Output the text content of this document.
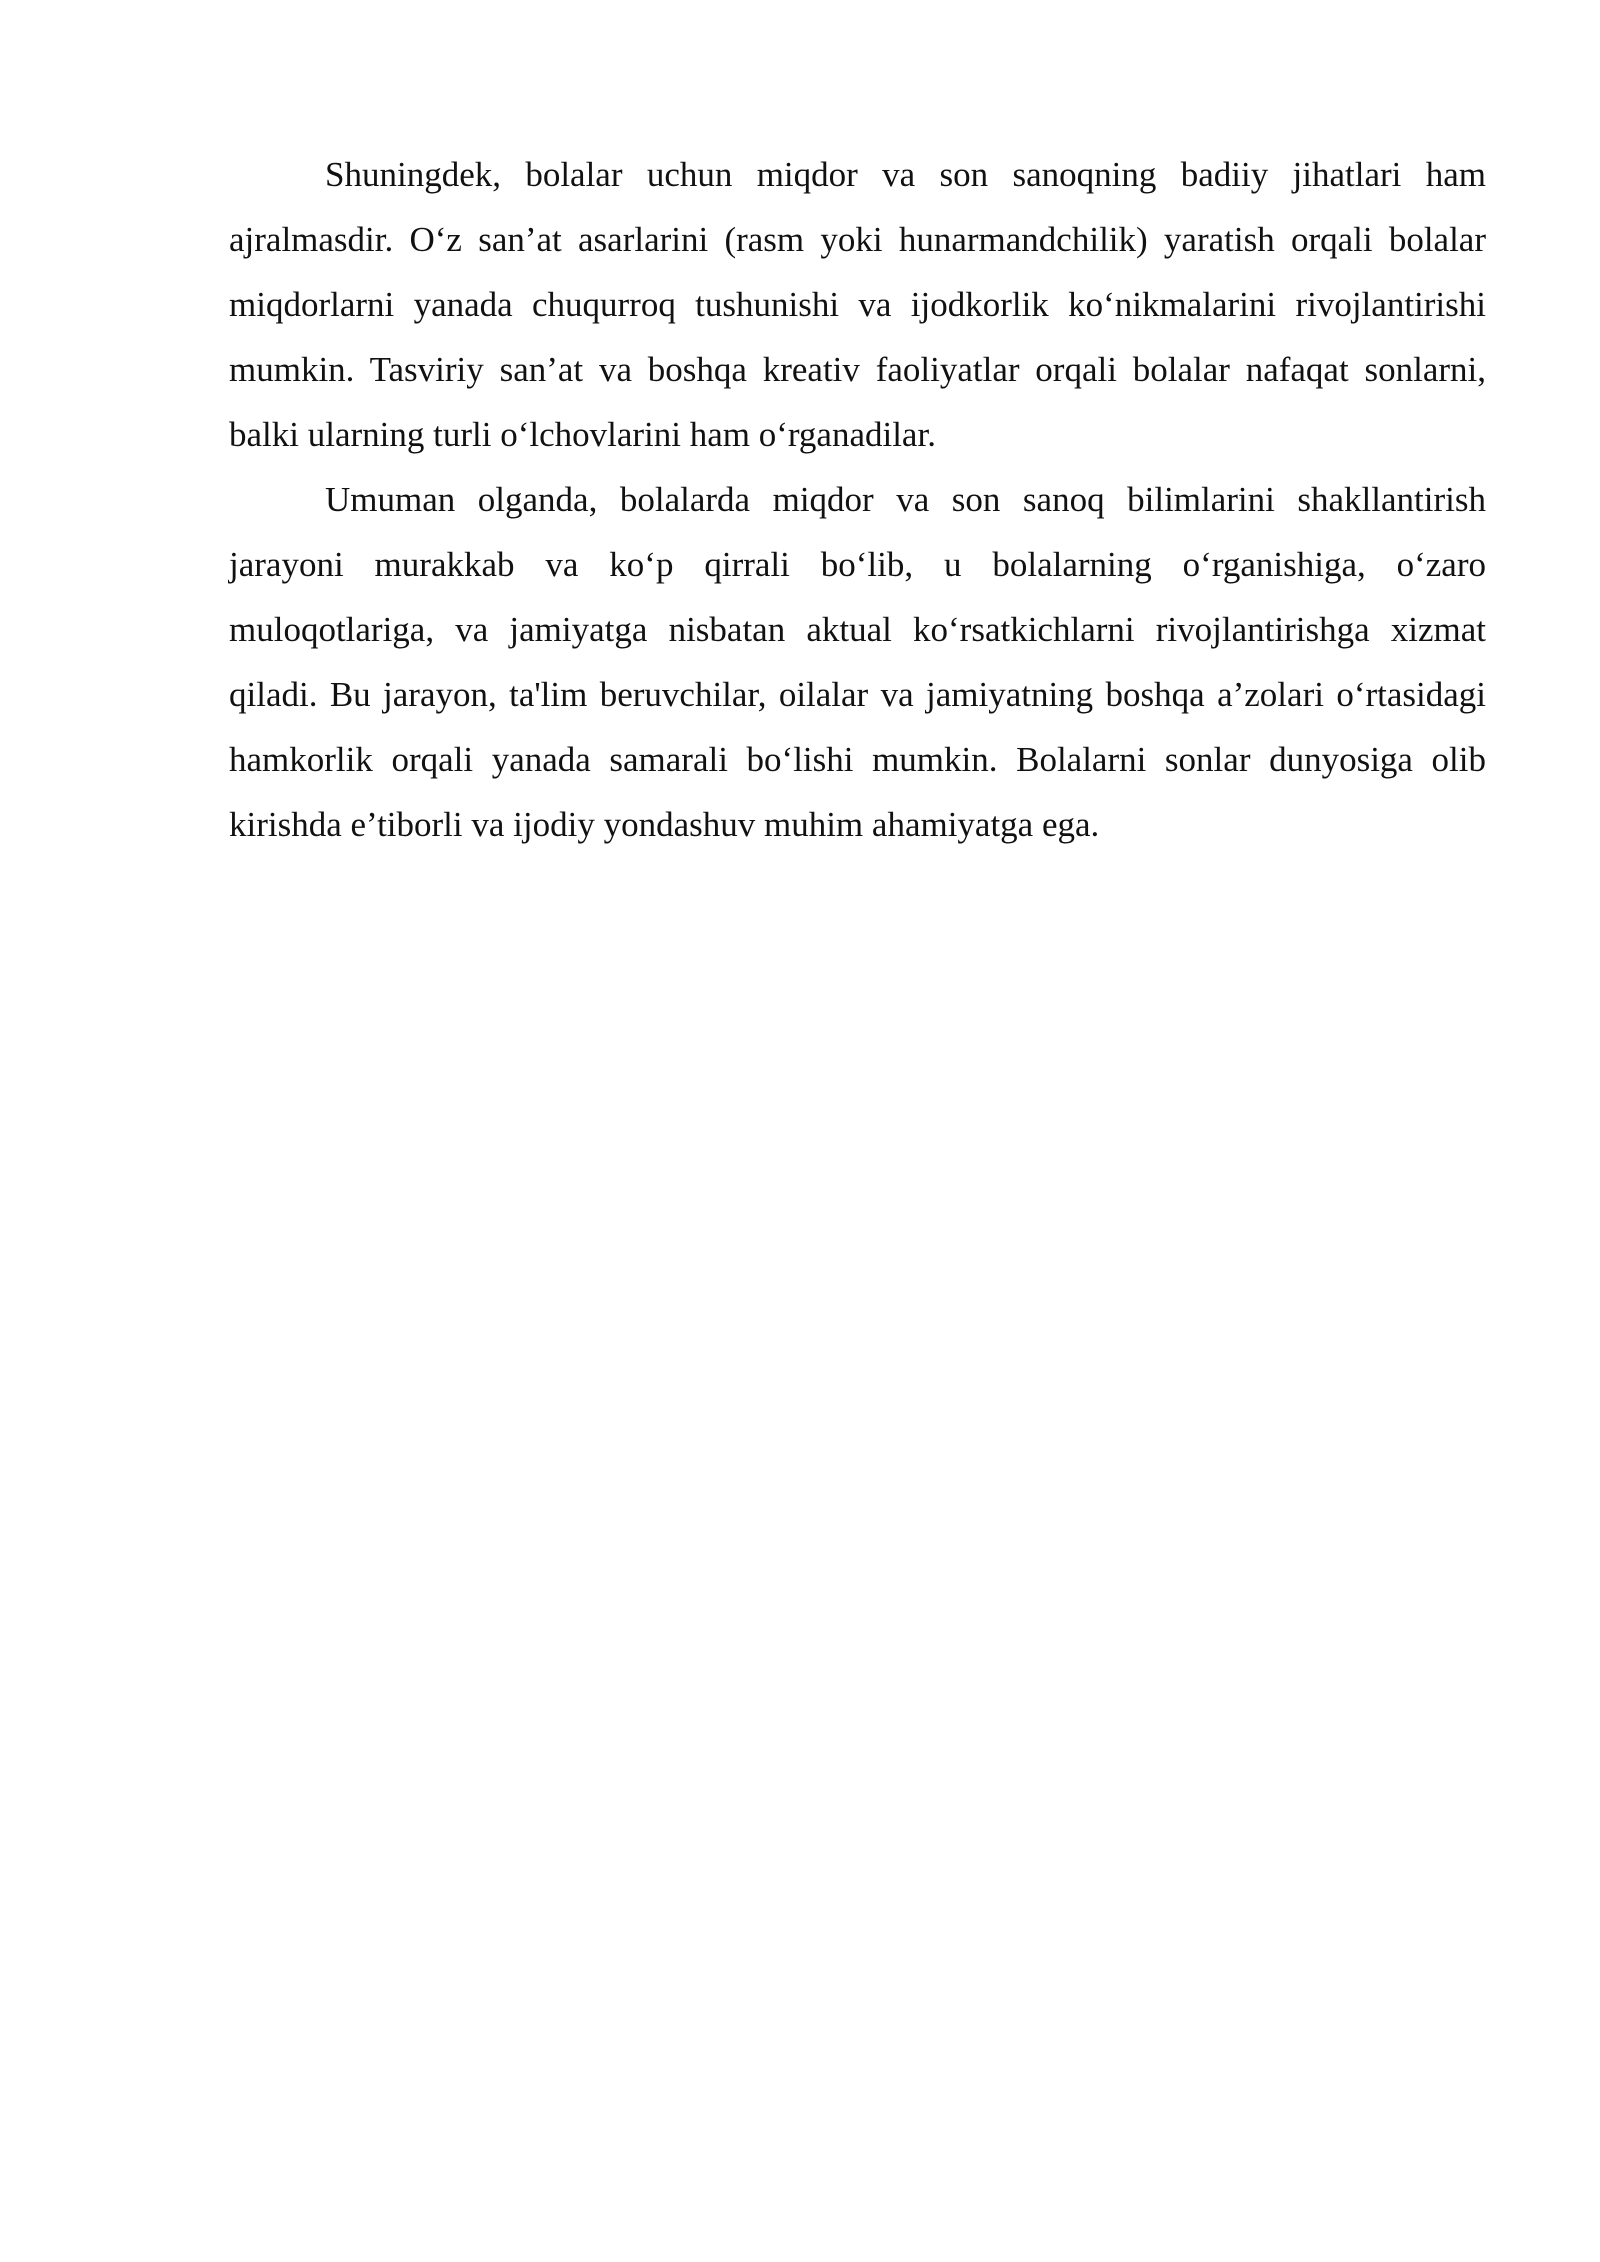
Shuningdek, bolalar uchun miqdor va son sanoqning badiiy jihatlari ham ajralmasdir. O‘z san’at asarlarini (rasm yoki hunarmandchilik) yaratish orqali bolalar miqdorlarni yanada chuqurroq tushunishi va ijodkorlik ko‘nikmalarini rivojlantirishi mumkin. Tasviriy san’at va boshqa kreativ faoliyatlar orqali bolalar nafaqat sonlarni, balki ularning turli o‘lchovlarini ham o‘rganadilar.

Umuman olganda, bolalarda miqdor va son sanoq bilimlarini shakllantirish jarayoni murakkab va ko‘p qirrali bo‘lib, u bolalarning o‘rganishiga, o‘zaro muloqotlariga, va jamiyatga nisbatan aktual ko‘rsatkichlarni rivojlantirishga xizmat qiladi. Bu jarayon, ta'lim beruvchilar, oilalar va jamiyatning boshqa a’zolari o‘rtasidagi hamkorlik orqali yanada samarali bo‘lishi mumkin. Bolalarni sonlar dunyosiga olib kirishda e’tiborli va ijodiy yondashuv muhim ahamiyatga ega.
